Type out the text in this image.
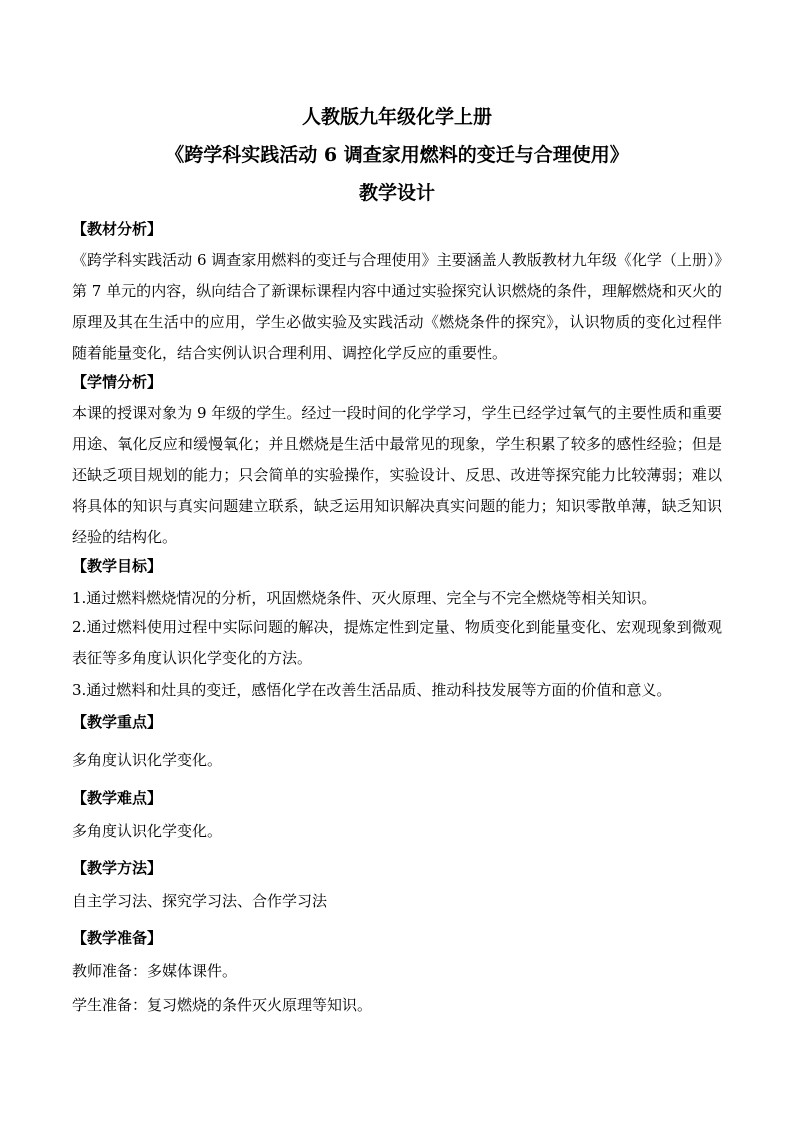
人教版九年级化学上册

《跨学科实践活动 6 调查家用燃料的变迁与合理使用》

教学设计

【教材分析】

《跨学科实践活动 6 调查家用燃料的变迁与合理使用》主要涵盖人教版教材九年级《化学（上册）》第 7 单元的内容，纵向结合了新课标课程内容中通过实验探究认识燃烧的条件，理解燃烧和灭火的原理及其在生活中的应用，学生必做实验及实践活动《燃烧条件的探究》，认识物质的变化过程伴随着能量变化，结合实例认识合理利用、调控化学反应的重要性。

【学情分析】

本课的授课对象为 9 年级的学生。经过一段时间的化学学习，学生已经学过氧气的主要性质和重要用途、氧化反应和缓慢氧化；并且燃烧是生活中最常见的现象，学生积累了较多的感性经验；但是还缺乏项目规划的能力；只会简单的实验操作，实验设计、反思、改进等探究能力比较薄弱；难以将具体的知识与真实问题建立联系，缺乏运用知识解决真实问题的能力；知识零散单薄，缺乏知识经验的结构化。

【教学目标】

1.通过燃料燃烧情况的分析，巩固燃烧条件、灭火原理、完全与不完全燃烧等相关知识。

2.通过燃料使用过程中实际问题的解决，提炼定性到定量、物质变化到能量变化、宏观现象到微观表征等多角度认识化学变化的方法。

3.通过燃料和灶具的变迁，感悟化学在改善生活品质、推动科技发展等方面的价值和意义。

【教学重点】

多角度认识化学变化。

【教学难点】

多角度认识化学变化。

【教学方法】

自主学习法、探究学习法、合作学习法

【教学准备】

教师准备：多媒体课件。

学生准备：复习燃烧的条件灭火原理等知识。
